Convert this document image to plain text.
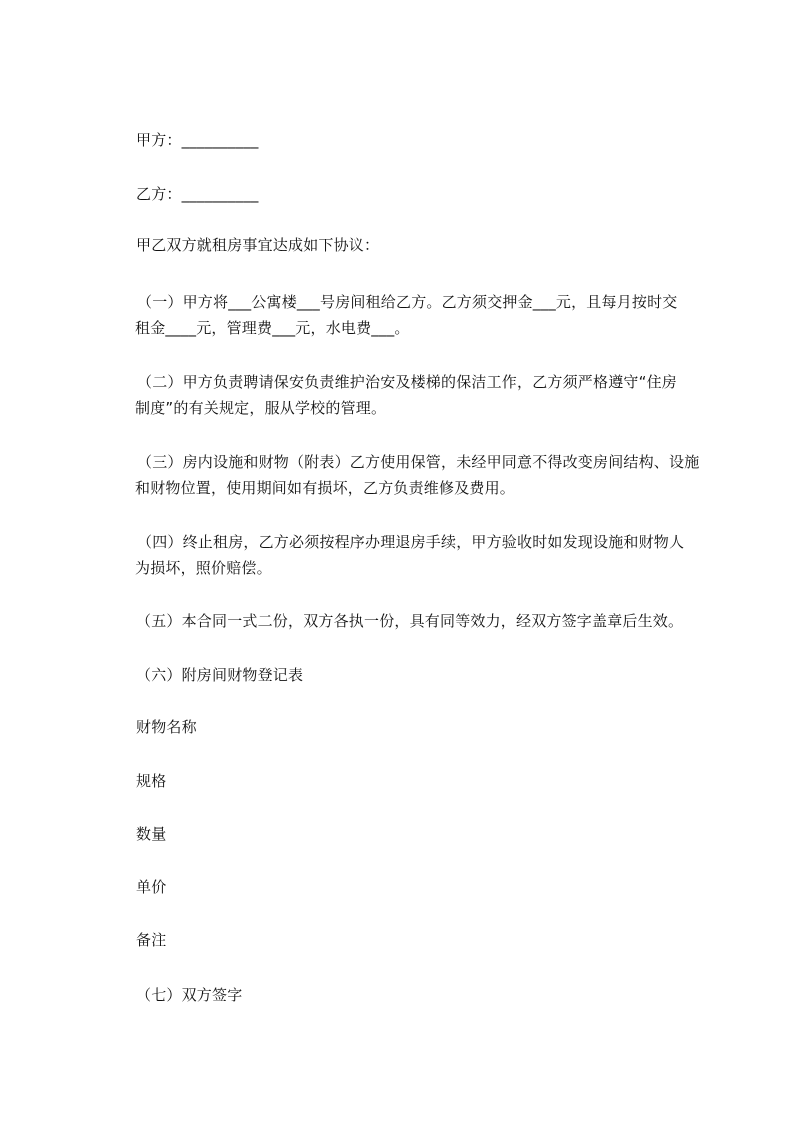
甲方：__________
乙方：__________
甲乙双方就租房事宜达成如下协议：
（一）甲方将___公寓楼___号房间租给乙方。乙方须交押金___元，且每月按时交
租金____元，管理费___元，水电费___。
（二）甲方负责聘请保安负责维护治安及楼梯的保洁工作，乙方须严格遵守“住房
制度”的有关规定，服从学校的管理。
（三）房内设施和财物（附表）乙方使用保管，未经甲同意不得改变房间结构、设施
和财物位置，使用期间如有损坏，乙方负责维修及费用。
（四）终止租房，乙方必须按程序办理退房手续，甲方验收时如发现设施和财物人
为损坏，照价赔偿。
（五）本合同一式二份，双方各执一份，具有同等效力，经双方签字盖章后生效。
（六）附房间财物登记表
财物名称
规格
数量
单价
备注
（七）双方签字
